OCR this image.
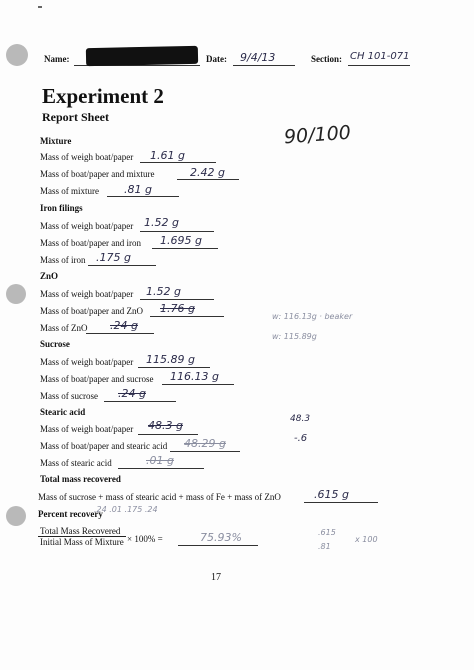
Name:	Date: 9/4/13	Section: CH 101-071
Experiment 2
Report Sheet
90/100
Mixture
Mass of weigh boat/paper 1.61 g
Mass of boat/paper and mixture	2.42 g
Mass of mixture .81 g
Iron filings
Mass of weigh boat/paper 1.52 g
Mass of boat/paper and iron 1.695 g
Mass of iron .175 g
ZnO
Mass of weigh boat/paper 1.52 g
Mass of boat/paper and ZnO 1.76 g
Mass of ZnO .24 g
w: 116.13g · beaker
w: 115.89g
Sucrose
Mass of weigh boat/paper 115.89 g
Mass of boat/paper and sucrose 116.13 g
Mass of sucrose .24 g
Stearic acid
Mass of weigh boat/paper 48.3 g
Mass of boat/paper and stearic acid 48.29 g
Mass of stearic acid	.01 g
48.3
-.6
Total mass recovered
Mass of sucrose + mass of stearic acid + mass of Fe + mass of ZnO	.615 g
.24 .01 .175 .24
Percent recovery
Total Mass Recovered
Initial Mass of Mixture × 100% =	75.93%	.615
.81
x 100
17
